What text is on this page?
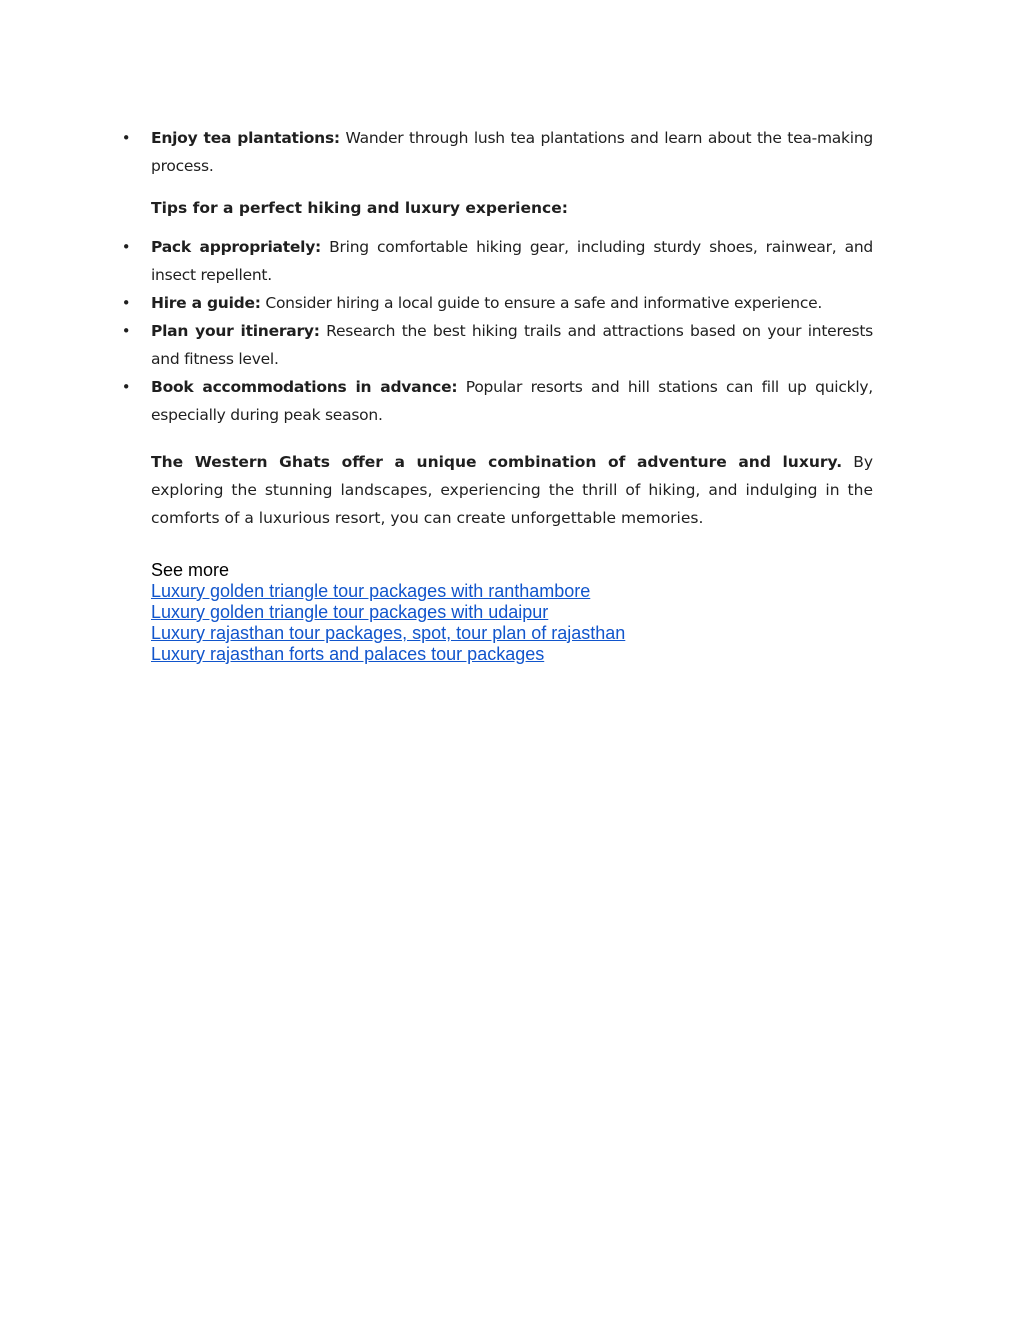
• Enjoy tea plantations: Wander through lush tea plantations and learn about the tea-making process.
Tips for a perfect hiking and luxury experience:
• Pack appropriately: Bring comfortable hiking gear, including sturdy shoes, rainwear, and insect repellent.
• Hire a guide: Consider hiring a local guide to ensure a safe and informative experience.
• Plan your itinerary: Research the best hiking trails and attractions based on your interests and fitness level.
• Book accommodations in advance: Popular resorts and hill stations can fill up quickly, especially during peak season.

The Western Ghats offer a unique combination of adventure and luxury. By exploring the stunning landscapes, experiencing the thrill of hiking, and indulging in the comforts of a luxurious resort, you can create unforgettable memories.

See more
Luxury golden triangle tour packages with ranthambore
Luxury golden triangle tour packages with udaipur
Luxury rajasthan tour packages, spot, tour plan of rajasthan
Luxury rajasthan forts and palaces tour packages
